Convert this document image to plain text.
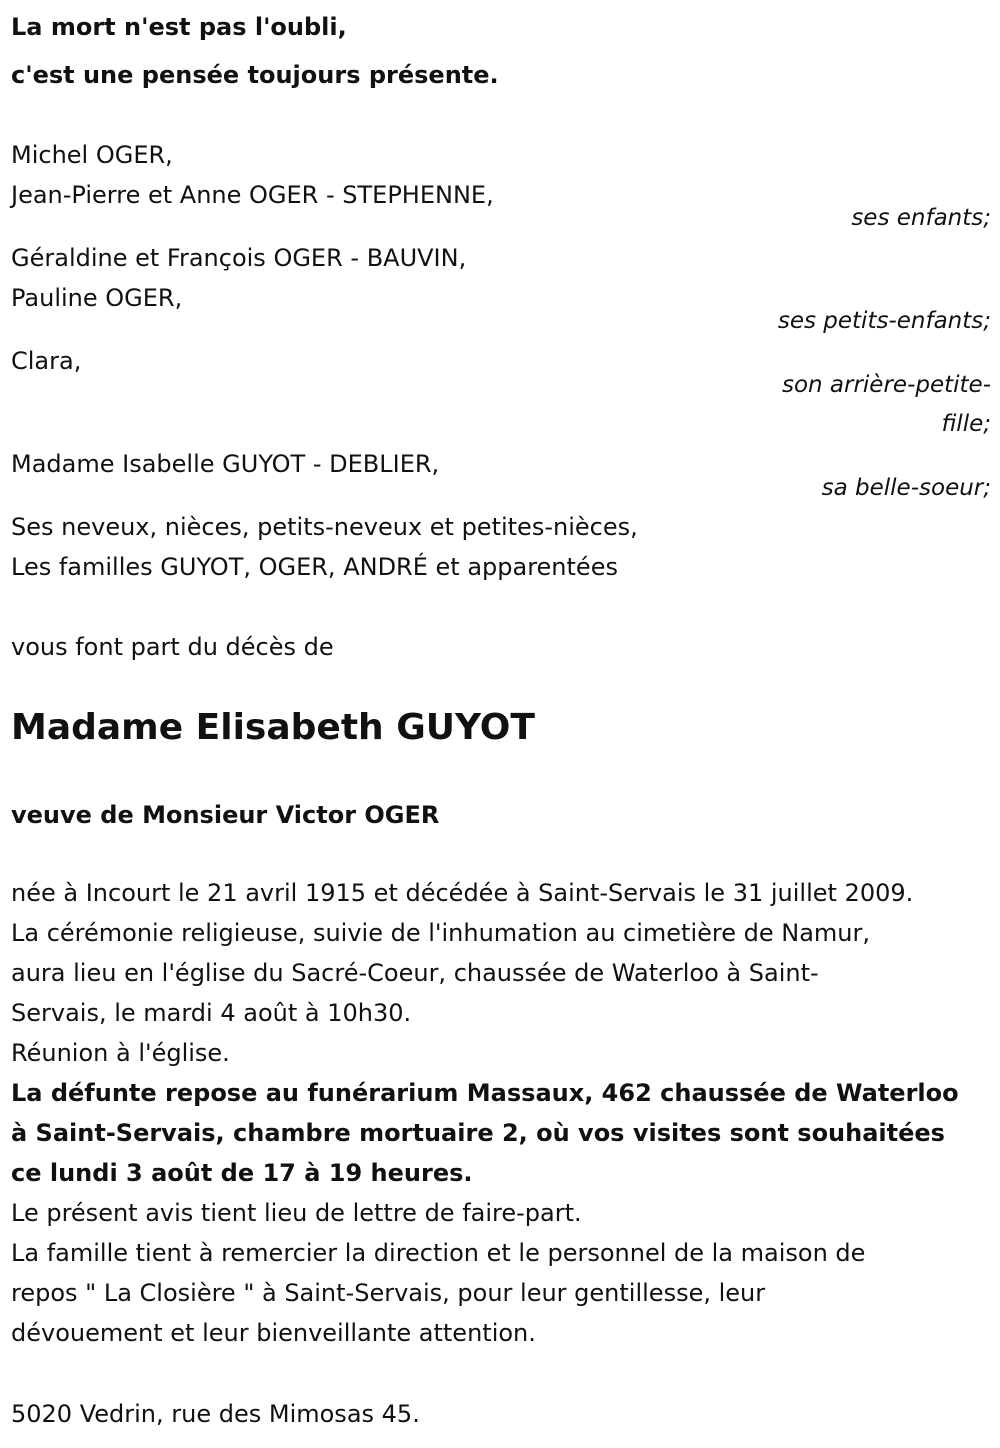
La mort n'est pas l'oubli,
c'est une pensée toujours présente.
Michel OGER,
Jean-Pierre et Anne OGER - STEPHENNE,
ses enfants;
Géraldine et François OGER - BAUVIN,
Pauline OGER,
ses petits-enfants;
Clara,
son arrière-petite-
fille;
Madame Isabelle GUYOT - DEBLIER,
sa belle-soeur;
Ses neveux, nièces, petits-neveux et petites-nièces,
Les familles GUYOT, OGER, ANDRÉ et apparentées
vous font part du décès de
Madame Elisabeth GUYOT
veuve de Monsieur Victor OGER
née à Incourt le 21 avril 1915 et décédée à Saint-Servais le 31 juillet 2009.
La cérémonie religieuse, suivie de l'inhumation au cimetière de Namur,
aura lieu en l'église du Sacré-Coeur, chaussée de Waterloo à Saint-
Servais, le mardi 4 août à 10h30.
Réunion à l'église.
La défunte repose au funérarium Massaux, 462 chaussée de Waterloo
à Saint-Servais, chambre mortuaire 2, où vos visites sont souhaitées
ce lundi 3 août de 17 à 19 heures.
Le présent avis tient lieu de lettre de faire-part.
La famille tient à remercier la direction et le personnel de la maison de
repos " La Closière " à Saint-Servais, pour leur gentillesse, leur
dévouement et leur bienveillante attention.
5020 Vedrin, rue des Mimosas 45.
